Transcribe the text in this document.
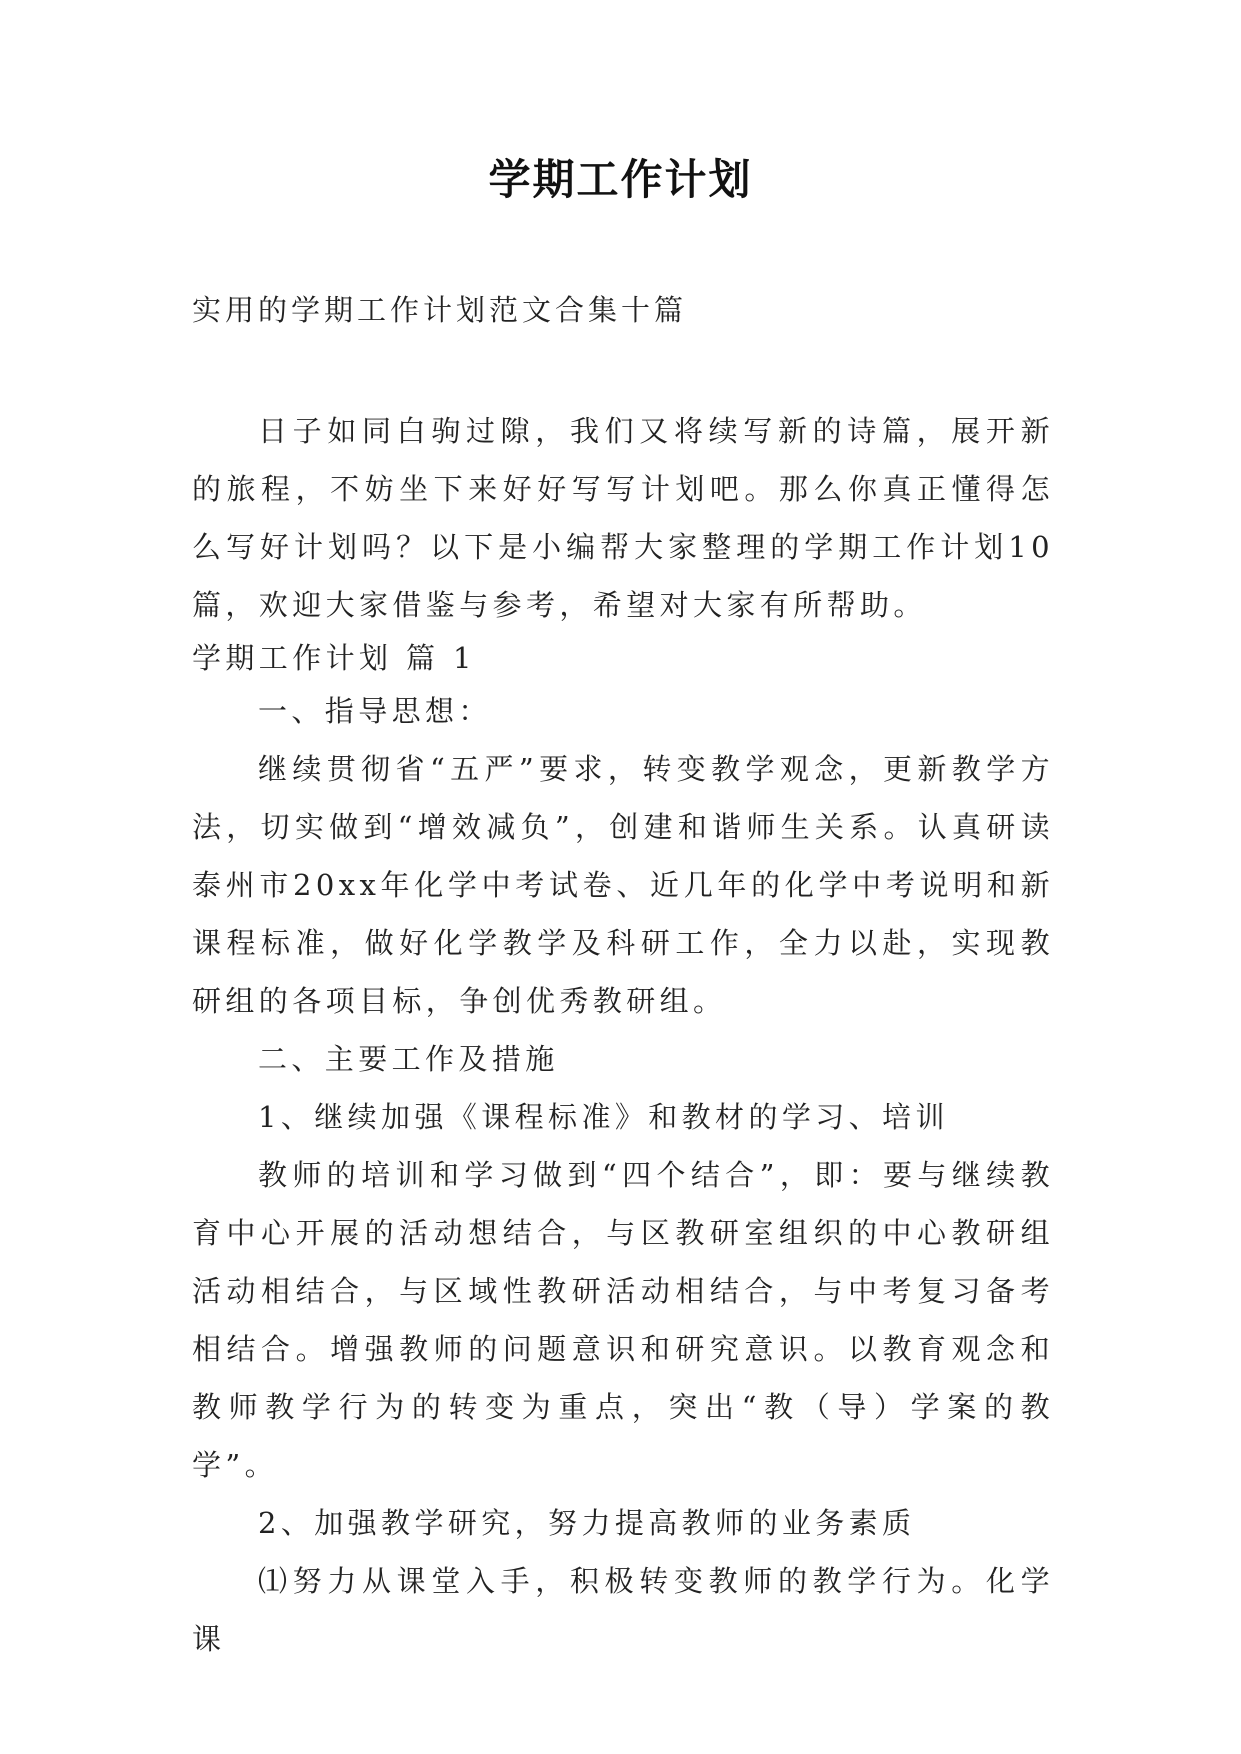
学期工作计划

实用的学期工作计划范文合集十篇

日子如同白驹过隙，我们又将续写新的诗篇，展开新的旅程，不妨坐下来好好写写计划吧。那么你真正懂得怎么写好计划吗？以下是小编帮大家整理的学期工作计划10篇，欢迎大家借鉴与参考，希望对大家有所帮助。

学期工作计划 篇 1

一、指导思想：

继续贯彻省“五严”要求，转变教学观念，更新教学方法，切实做到“增效减负”，创建和谐师生关系。认真研读泰州市20xx年化学中考试卷、近几年的化学中考说明和新课程标准，做好化学教学及科研工作，全力以赴，实现教研组的各项目标，争创优秀教研组。

二、主要工作及措施

1、继续加强《课程标准》和教材的学习、培训

教师的培训和学习做到“四个结合”，即：要与继续教育中心开展的活动想结合，与区教研室组织的中心教研组活动相结合，与区域性教研活动相结合，与中考复习备考相结合。增强教师的问题意识和研究意识。以教育观念和教师教学行为的转变为重点，突出“教（导）学案的教学”。

2、加强教学研究，努力提高教师的业务素质

⑴努力从课堂入手，积极转变教师的教学行为。化学课
